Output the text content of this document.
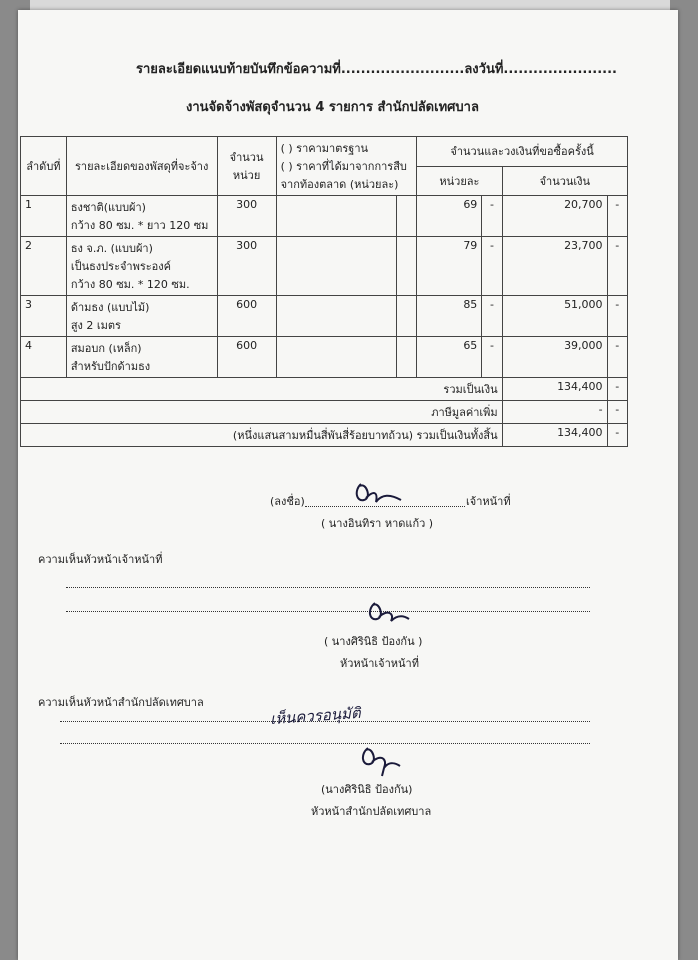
รายละเอียดแนบท้ายบันทึกข้อความที่.........................ลงวันที่.......................
งานจัดจ้างพัสดุจำนวน 4 รายการ สำนักปลัดเทศบาล
ลำดับที่	รายละเอียดของพัสดุที่จะจ้าง	จำนวนหน่วย	( ) ราคามาตรฐาน
( ) ราคาที่ได้มาจากการสืบจากท้องตลาด (หน่วยละ)		จำนวนและวงเงินที่ขอซื้อครั้งนี้			
					หน่วยละ		จำนวนเงิน	
1	ธงชาติ(แบบผ้า)
กว้าง 80 ซม. * ยาว 120 ซม	300			69	-	20,700	-
2	ธง จ.ภ. (แบบผ้า)
เป็นธงประจำพระองค์
กว้าง 80 ซม. * 120 ซม.	300			79	-	23,700	-
3	ด้ามธง (แบบไม้)
สูง 2 เมตร	600			85	-	51,000	-
4	สมอบก (เหล็ก)
สำหรับปักด้ามธง	600			65	-	39,000	-
รวมเป็นเงิน							134,400	-
ภาษีมูลค่าเพิ่ม							-	-
(หนึ่งแสนสามหมื่นสี่พันสี่ร้อยบาทถ้วน) รวมเป็นเงินทั้งสิ้น							134,400	-
(ลงชื่อ)	เจ้าหน้าที่
( นางอินทิรา หาดแก้ว )
ความเห็นหัวหน้าเจ้าหน้าที่
( นางศิรินิธิ ป้องกัน )
หัวหน้าเจ้าหน้าที่
ความเห็นหัวหน้าสำนักปลัดเทศบาล
เห็นควรอนุมัติ
(นางศิรินิธิ ป้องกัน)
หัวหน้าสำนักปลัดเทศบาล
